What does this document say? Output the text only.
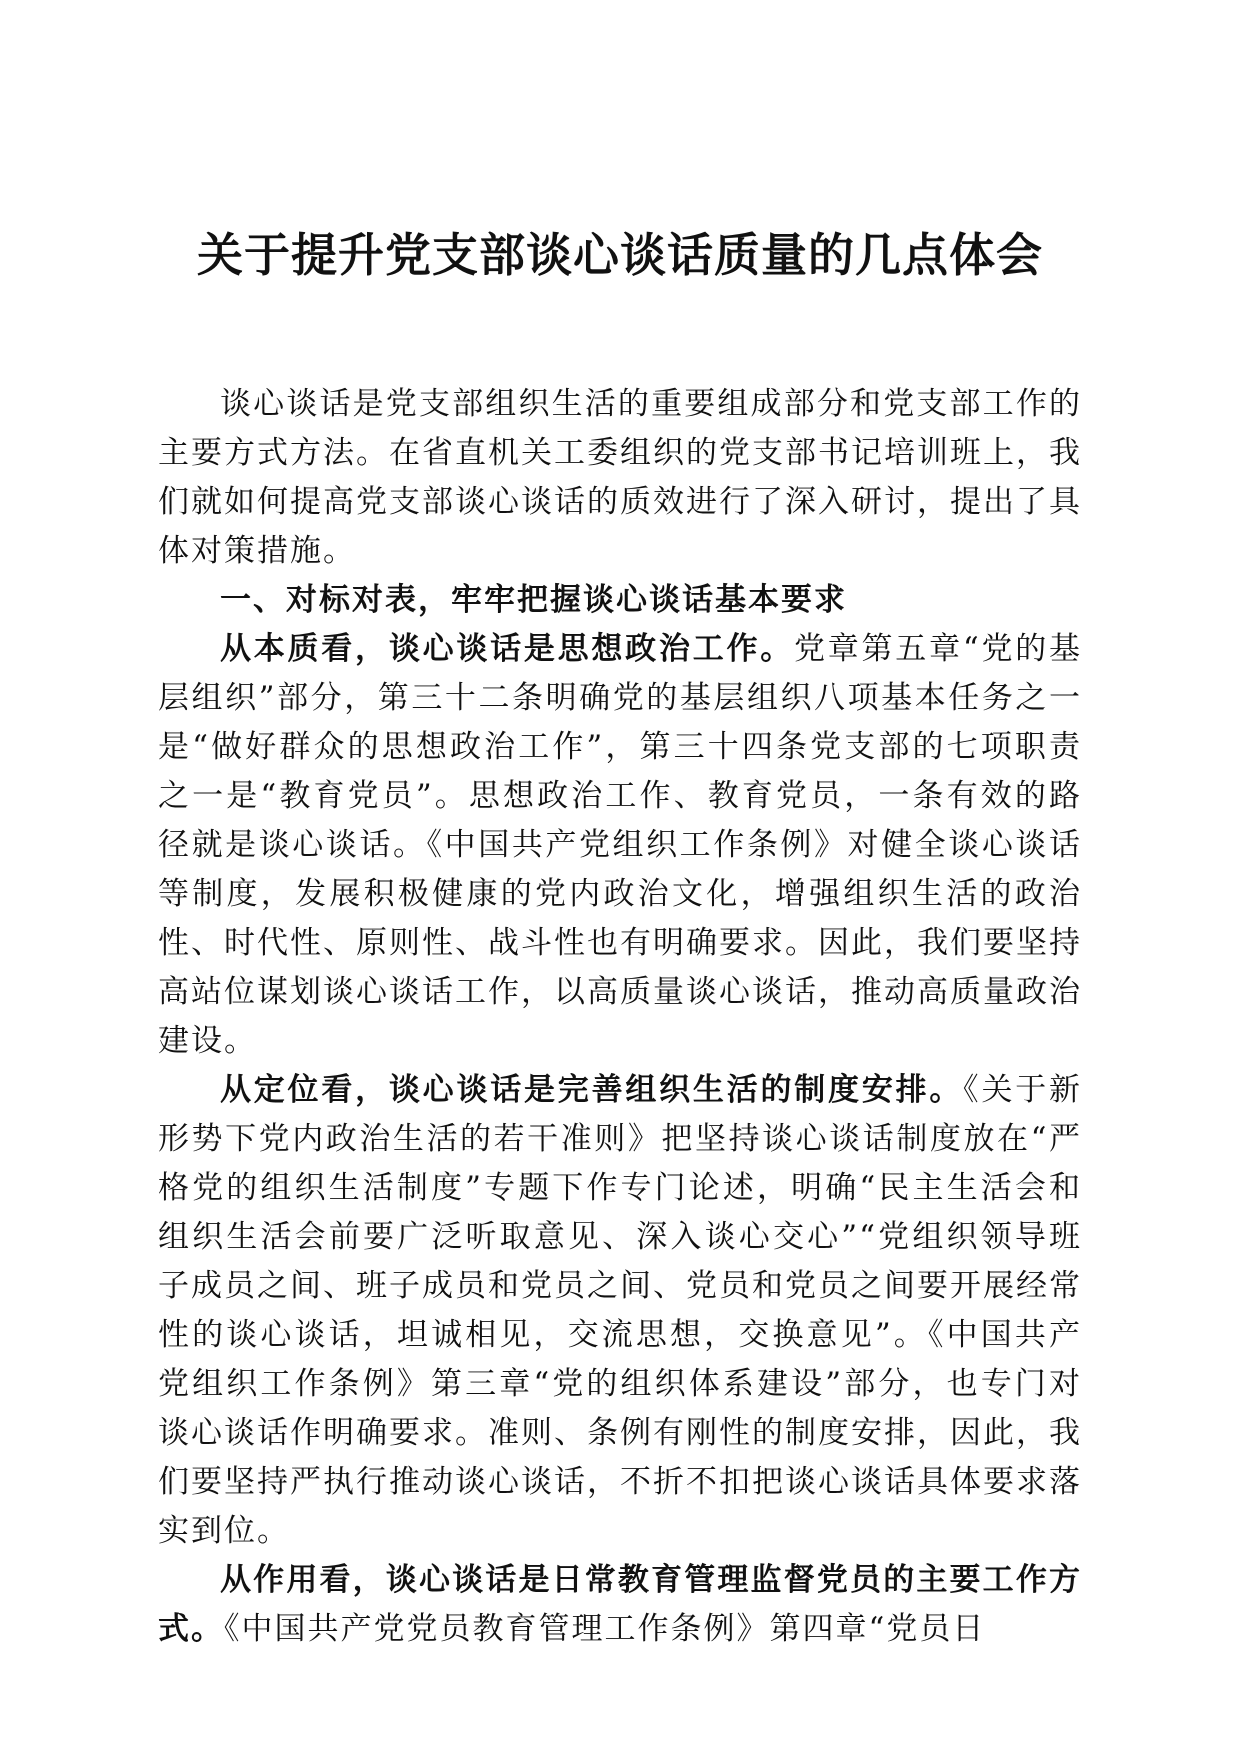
关于提升党支部谈心谈话质量的几点体会

谈心谈话是党支部组织生活的重要组成部分和党支部工作的主要方式方法。在省直机关工委组织的党支部书记培训班上，我们就如何提高党支部谈心谈话的质效进行了深入研讨，提出了具体对策措施。

一、对标对表，牢牢把握谈心谈话基本要求

从本质看，谈心谈话是思想政治工作。党章第五章“党的基层组织”部分，第三十二条明确党的基层组织八项基本任务之一是“做好群众的思想政治工作”，第三十四条党支部的七项职责之一是“教育党员”。思想政治工作、教育党员，一条有效的路径就是谈心谈话。《中国共产党组织工作条例》对健全谈心谈话等制度，发展积极健康的党内政治文化，增强组织生活的政治性、时代性、原则性、战斗性也有明确要求。因此，我们要坚持高站位谋划谈心谈话工作，以高质量谈心谈话，推动高质量政治建设。

从定位看，谈心谈话是完善组织生活的制度安排。《关于新形势下党内政治生活的若干准则》把坚持谈心谈话制度放在“严格党的组织生活制度”专题下作专门论述，明确“民主生活会和组织生活会前要广泛听取意见、深入谈心交心”“党组织领导班子成员之间、班子成员和党员之间、党员和党员之间要开展经常性的谈心谈话，坦诚相见，交流思想，交换意见”。《中国共产党组织工作条例》第三章“党的组织体系建设”部分，也专门对谈心谈话作明确要求。准则、条例有刚性的制度安排，因此，我们要坚持严执行推动谈心谈话，不折不扣把谈心谈话具体要求落实到位。

从作用看，谈心谈话是日常教育管理监督党员的主要工作方式。《中国共产党党员教育管理工作条例》第四章“党员日
